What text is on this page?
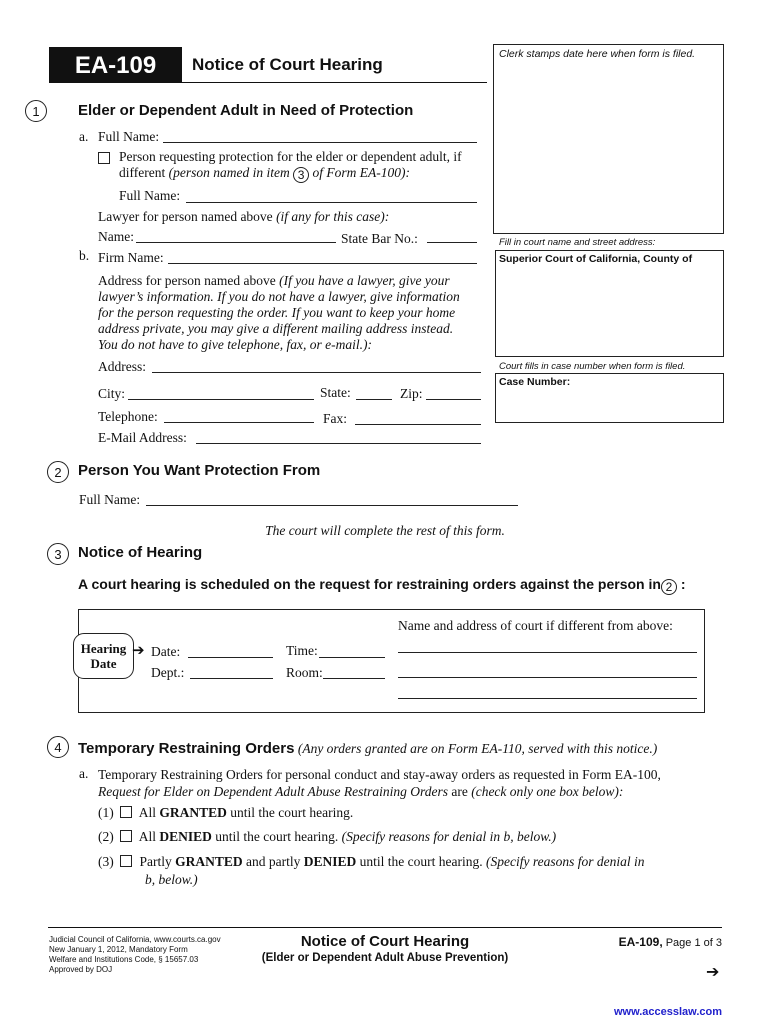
EA-109	Notice of Court Hearing
Clerk stamps date here when form is filed.
Fill in court name and street address:
Superior Court of California, County of
Court fills in case number when form is filed.
Case Number:
1	Elder or Dependent Adult in Need of Protection
a. Full Name:
Person requesting protection for the elder or dependent adult, if
different (person named in item 3 of Form EA-100):
Full Name:
Lawyer for person named above (if any for this case):
Name:	State Bar No.:
b. Firm Name:
Address for person named above (If you have a lawyer, give your
lawyer’s information. If you do not have a lawyer, give information
for the person requesting the order. If you want to keep your home
address private, you may give a different mailing address instead.
You do not have to give telephone, fax, or e-mail.):
Address:
City:	State:	Zip:
Telephone:	Fax:
E-Mail Address:
2	Person You Want Protection From
Full Name:
The court will complete the rest of this form.
3	Notice of Hearing
A court hearing is scheduled on the request for restraining orders against the person in 2 :
Name and address of court if different from above:
Hearing
Date
➔ Date:	Time:
Dept.:	Room:
4	Temporary Restraining Orders (Any orders granted are on Form EA-110, served with this notice.)
a. Temporary Restraining Orders for personal conduct and stay-away orders as requested in Form EA-100,
Request for Elder on Dependent Adult Abuse Restraining Orders are (check only one box below):
(1) All GRANTED until the court hearing.
(2) All DENIED until the court hearing. (Specify reasons for denial in b, below.)
(3) Partly GRANTED and partly DENIED until the court hearing. (Specify reasons for denial in
b, below.)
Judicial Council of California, www.courts.ca.gov
New January 1, 2012, Mandatory Form
Welfare and Institutions Code, § 15657.03
Approved by DOJ
Notice of Court Hearing
(Elder or Dependent Adult Abuse Prevention)
EA-109, Page 1 of 3
➔
www.accesslaw.com
